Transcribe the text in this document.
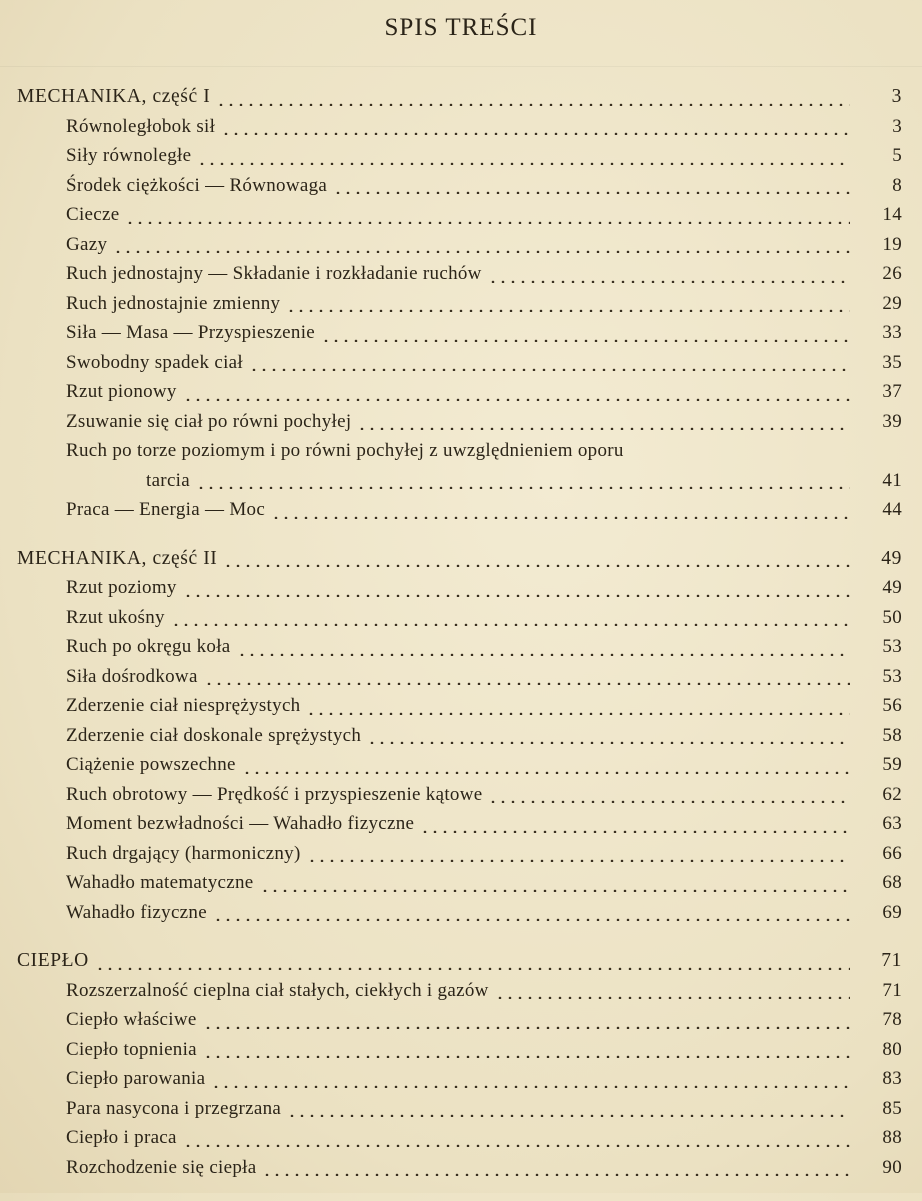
SPIS TREŚCI
MECHANIKA, część I	3
Równoległobok sił	3
Siły równoległe	5
Środek ciężkości — Równowaga	8
Ciecze	14
Gazy	19
Ruch jednostajny — Składanie i rozkładanie ruchów	26
Ruch jednostajnie zmienny	29
Siła — Masa — Przyspieszenie	33
Swobodny spadek ciał	35
Rzut pionowy	37
Zsuwanie się ciał po równi pochyłej	39
Ruch po torze poziomym i po równi pochyłej z uwzględnieniem oporu
tarcia	41
Praca — Energia — Moc	44
MECHANIKA, część II	49
Rzut poziomy	49
Rzut ukośny	50
Ruch po okręgu koła	53
Siła dośrodkowa	53
Zderzenie ciał niesprężystych	56
Zderzenie ciał doskonale sprężystych	58
Ciążenie powszechne	59
Ruch obrotowy — Prędkość i przyspieszenie kątowe	62
Moment bezwładności — Wahadło fizyczne	63
Ruch drgający (harmoniczny)	66
Wahadło matematyczne	68
Wahadło fizyczne	69
CIEPŁO	71
Rozszerzalność cieplna ciał stałych, ciekłych i gazów	71
Ciepło właściwe	78
Ciepło topnienia	80
Ciepło parowania	83
Para nasycona i przegrzana	85
Ciepło i praca	88
Rozchodzenie się ciepła	90
